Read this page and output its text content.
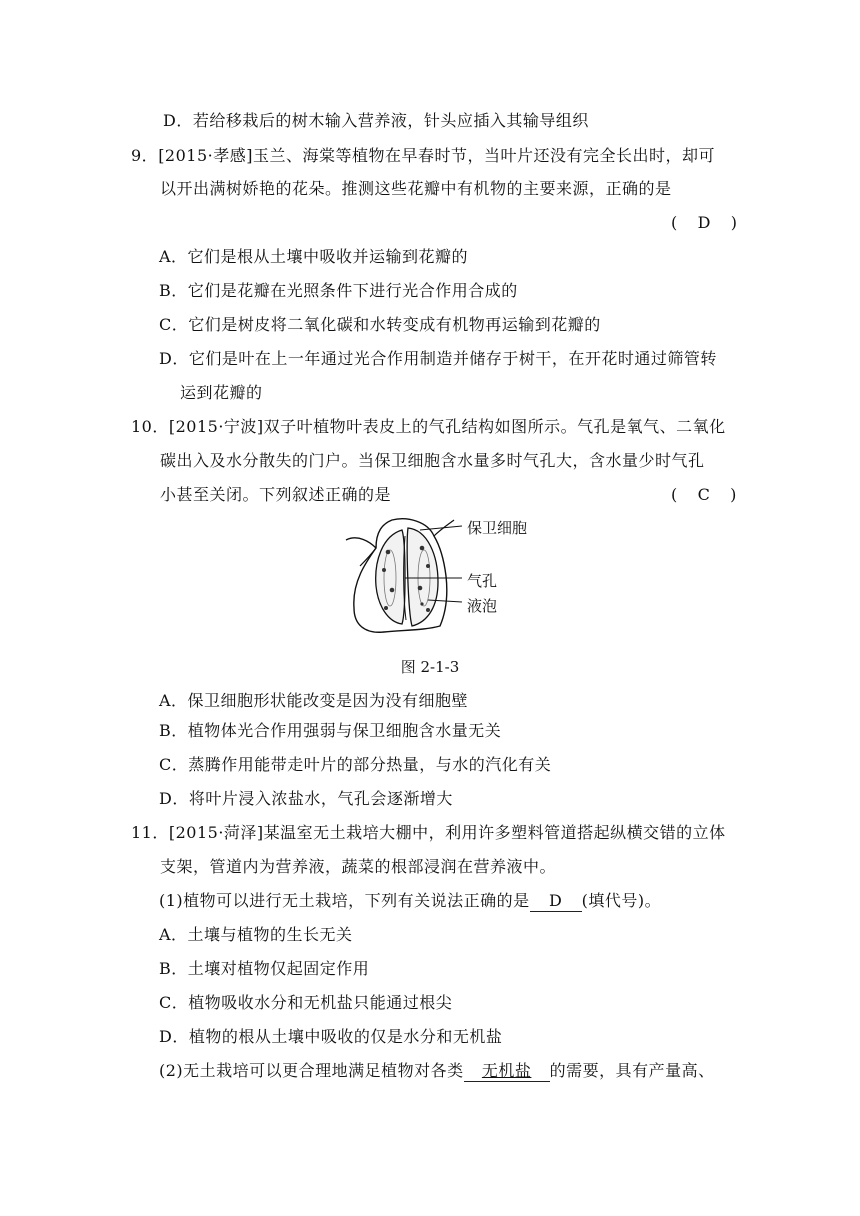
D．若给移栽后的树木输入营养液，针头应插入其输导组织
9．[2015·孝感]玉兰、海棠等植物在早春时节，当叶片还没有完全长出时，却可
以开出满树娇艳的花朵。推测这些花瓣中有机物的主要来源，正确的是
(    D    )
A．它们是根从土壤中吸收并运输到花瓣的
B．它们是花瓣在光照条件下进行光合作用合成的
C．它们是树皮将二氧化碳和水转变成有机物再运输到花瓣的
D．它们是叶在上一年通过光合作用制造并储存于树干，在开花时通过筛管转
运到花瓣的
10．[2015·宁波]双子叶植物叶表皮上的气孔结构如图所示。气孔是氧气、二氧化
碳出入及水分散失的门户。当保卫细胞含水量多时气孔大，含水量少时气孔
小甚至关闭。下列叙述正确的是	(    C    )
保卫细胞
气孔
液泡
图 2-1-3
A．保卫细胞形状能改变是因为没有细胞壁
B．植物体光合作用强弱与保卫细胞含水量无关
C．蒸腾作用能带走叶片的部分热量，与水的汽化有关
D．将叶片浸入浓盐水，气孔会逐渐增大
11．[2015·菏泽]某温室无土栽培大棚中，利用许多塑料管道搭起纵横交错的立体
支架，管道内为营养液，蔬菜的根部浸润在营养液中。
(1)植物可以进行无土栽培，下列有关说法正确的是 D (填代号)。
A．土壤与植物的生长无关
B．土壤对植物仅起固定作用
C．植物吸收水分和无机盐只能通过根尖
D．植物的根从土壤中吸收的仅是水分和无机盐
(2)无土栽培可以更合理地满足植物对各类 无机盐 的需要，具有产量高、
